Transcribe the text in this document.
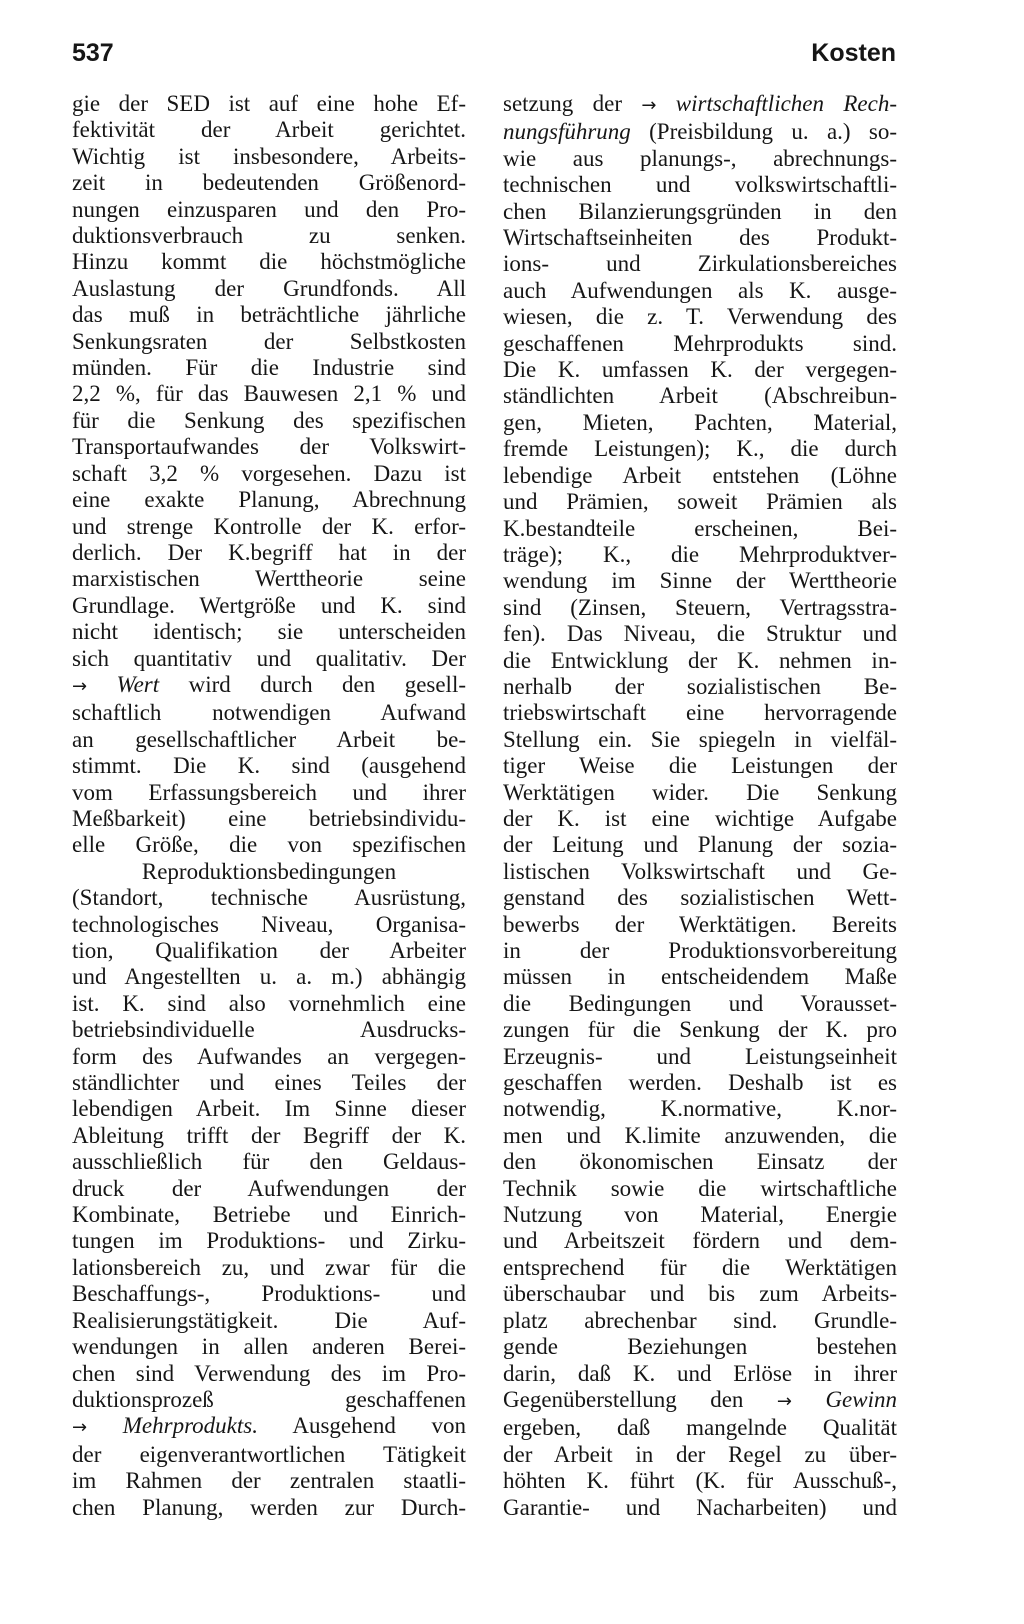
537	Kosten
gie der SED ist auf eine hohe Ef-
fektivität der Arbeit gerichtet.
Wichtig ist insbesondere, Arbeits-
zeit in bedeutenden Größenord-
nungen einzusparen und den Pro-
duktionsverbrauch zu senken.
Hinzu kommt die höchstmögliche
Auslastung der Grundfonds. All
das muß in beträchtliche jährliche
Senkungsraten der Selbstkosten
münden. Für die Industrie sind
2,2 %, für das Bauwesen 2,1 % und
für die Senkung des spezifischen
Transportaufwandes der Volkswirt-
schaft 3,2 % vorgesehen. Dazu ist
eine exakte Planung, Abrechnung
und strenge Kontrolle der K. erfor-
derlich. Der K.begriff hat in der
marxistischen Werttheorie seine
Grundlage. Wertgröße und K. sind
nicht identisch; sie unterscheiden
sich quantitativ und qualitativ. Der
→ Wert wird durch den gesell-
schaftlich notwendigen Aufwand
an gesellschaftlicher Arbeit be-
stimmt. Die K. sind (ausgehend
vom Erfassungsbereich und ihrer
Meßbarkeit) eine betriebsindividu-
elle Größe, die von spezifischen
Reproduktionsbedingungen
(Standort, technische Ausrüstung,
technologisches Niveau, Organisa-
tion, Qualifikation der Arbeiter
und Angestellten u. a. m.) abhängig
ist. K. sind also vornehmlich eine
betriebsindividuelle Ausdrucks-
form des Aufwandes an vergegen-
ständlichter und eines Teiles der
lebendigen Arbeit. Im Sinne dieser
Ableitung trifft der Begriff der K.
ausschließlich für den Geldaus-
druck der Aufwendungen der
Kombinate, Betriebe und Einrich-
tungen im Produktions- und Zirku-
lationsbereich zu, und zwar für die
Beschaffungs-, Produktions- und
Realisierungstätigkeit. Die Auf-
wendungen in allen anderen Berei-
chen sind Verwendung des im Pro-
duktionsprozeß geschaffenen
→ Mehrprodukts. Ausgehend von
der eigenverantwortlichen Tätigkeit
im Rahmen der zentralen staatli-
chen Planung, werden zur Durch-
setzung der → wirtschaftlichen Rech-
nungsführung (Preisbildung u. a.) so-
wie aus planungs-, abrechnungs-
technischen und volkswirtschaftli-
chen Bilanzierungsgründen in den
Wirtschaftseinheiten des Produkt-
ions- und Zirkulationsbereiches
auch Aufwendungen als K. ausge-
wiesen, die z. T. Verwendung des
geschaffenen Mehrprodukts sind.
Die K. umfassen K. der vergegen-
ständlichten Arbeit (Abschreibun-
gen, Mieten, Pachten, Material,
fremde Leistungen); K., die durch
lebendige Arbeit entstehen (Löhne
und Prämien, soweit Prämien als
K.bestandteile erscheinen, Bei-
träge); K., die Mehrproduktver-
wendung im Sinne der Werttheorie
sind (Zinsen, Steuern, Vertragsstra-
fen). Das Niveau, die Struktur und
die Entwicklung der K. nehmen in-
nerhalb der sozialistischen Be-
triebswirtschaft eine hervorragende
Stellung ein. Sie spiegeln in vielfäl-
tiger Weise die Leistungen der
Werktätigen wider. Die Senkung
der K. ist eine wichtige Aufgabe
der Leitung und Planung der sozia-
listischen Volkswirtschaft und Ge-
genstand des sozialistischen Wett-
bewerbs der Werktätigen. Bereits
in der Produktionsvorbereitung
müssen in entscheidendem Maße
die Bedingungen und Vorausset-
zungen für die Senkung der K. pro
Erzeugnis- und Leistungseinheit
geschaffen werden. Deshalb ist es
notwendig, K.normative, K.nor-
men und K.limite anzuwenden, die
den ökonomischen Einsatz der
Technik sowie die wirtschaftliche
Nutzung von Material, Energie
und Arbeitszeit fördern und dem-
entsprechend für die Werktätigen
überschaubar und bis zum Arbeits-
platz abrechenbar sind. Grundle-
gende Beziehungen bestehen
darin, daß K. und Erlöse in ihrer
Gegenüberstellung den → Gewinn
ergeben, daß mangelnde Qualität
der Arbeit in der Regel zu über-
höhten K. führt (K. für Ausschuß-,
Garantie- und Nacharbeiten) und
